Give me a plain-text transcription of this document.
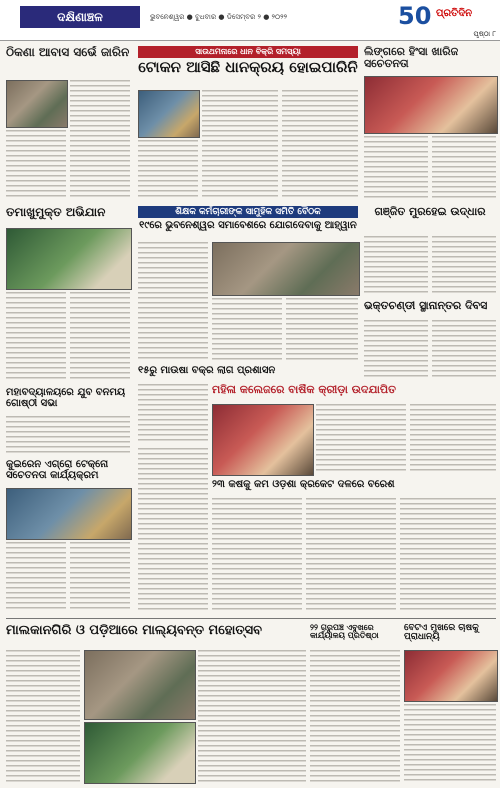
ଦକ୍ଷିଣାଞ୍ଚଳ	ଭୁବନେଶ୍ୱର ● ବୁଧବାର ● ଡିସେମ୍ବର ୨ ● ୨୦୨୨	50 ପ୍ରତିଦିନ
ପୃଷ୍ଠା ୮
ଠିକଣା ଆବାସ ସର୍ଭେ ଜାରିନ	ସାଉଥମନାରେ ଧାନ ବିକ୍ରି ସମସ୍ୟା
ଟୋକନ ଆସିଛି ଧାନକ୍ରୟ ହୋଇପାରିନି
ଲିଙ୍ଗରେ ହିଂସା ଖାରିଜ ସଚେତନତା
ତମାଖୁମୁକ୍ତ ଅଭିଯାନ	ଶିକ୍ଷକ କର୍ମଚାରୀଙ୍କ ସାମୁହିକ ସମିତି ବୈଠକ
୧୯ରେ ଭୁବନେଶ୍ୱର ସମାବେଶରେ ଯୋଗଦେବାକୁ ଆହ୍ୱାନ
ଗଞ୍ଜିତ ମୁରହେଇ ଉଦ୍ଧାର
ଭକ୍ତଚଣ୍ଡୀ ସ୍ଥାନାନ୍ତର ଦିବସ
୧୫ରୁ ମାଉଁଷା ବିକ୍ରି ଲାଗି ପ୍ରଶାସନ
ମହିଳା କଲେଜରେ ବାର୍ଷିକ କ୍ରୀଡ଼ା ଉଦଯାପିତ
ମହାବିଦ୍ୟାଳୟରେ ଯୁବ ବିନିମୟ ଗୋଷ୍ଠୀ ସଭା
କୁଇରେନ ଏଗ୍ରୋ ଟେକ୍ନୋ ସଚେତନତା କାର୍ଯ୍ୟକ୍ରମ
୨୩ କର୍ଷକୁ କମ ଓଡ଼ିଶା କ୍ରିକେଟ ଦଳରେ ବିରେଶ
ମାଲକାନଗିରି ଓ ପଡ଼ିଆରେ ମାଲ୍ୟବନ୍ତ ମହୋତ୍ସବ	୨୨ ଗରୁପଞ୍ଚ ଏବୁଖରେ କାର୍ଯ୍ୟାଳୟ ପ୍ରତିଷ୍ଠା
ବେଟିଏ ମୁଖିରେ ଚାଷକୁ ପ୍ରାଧାନ୍ୟ
